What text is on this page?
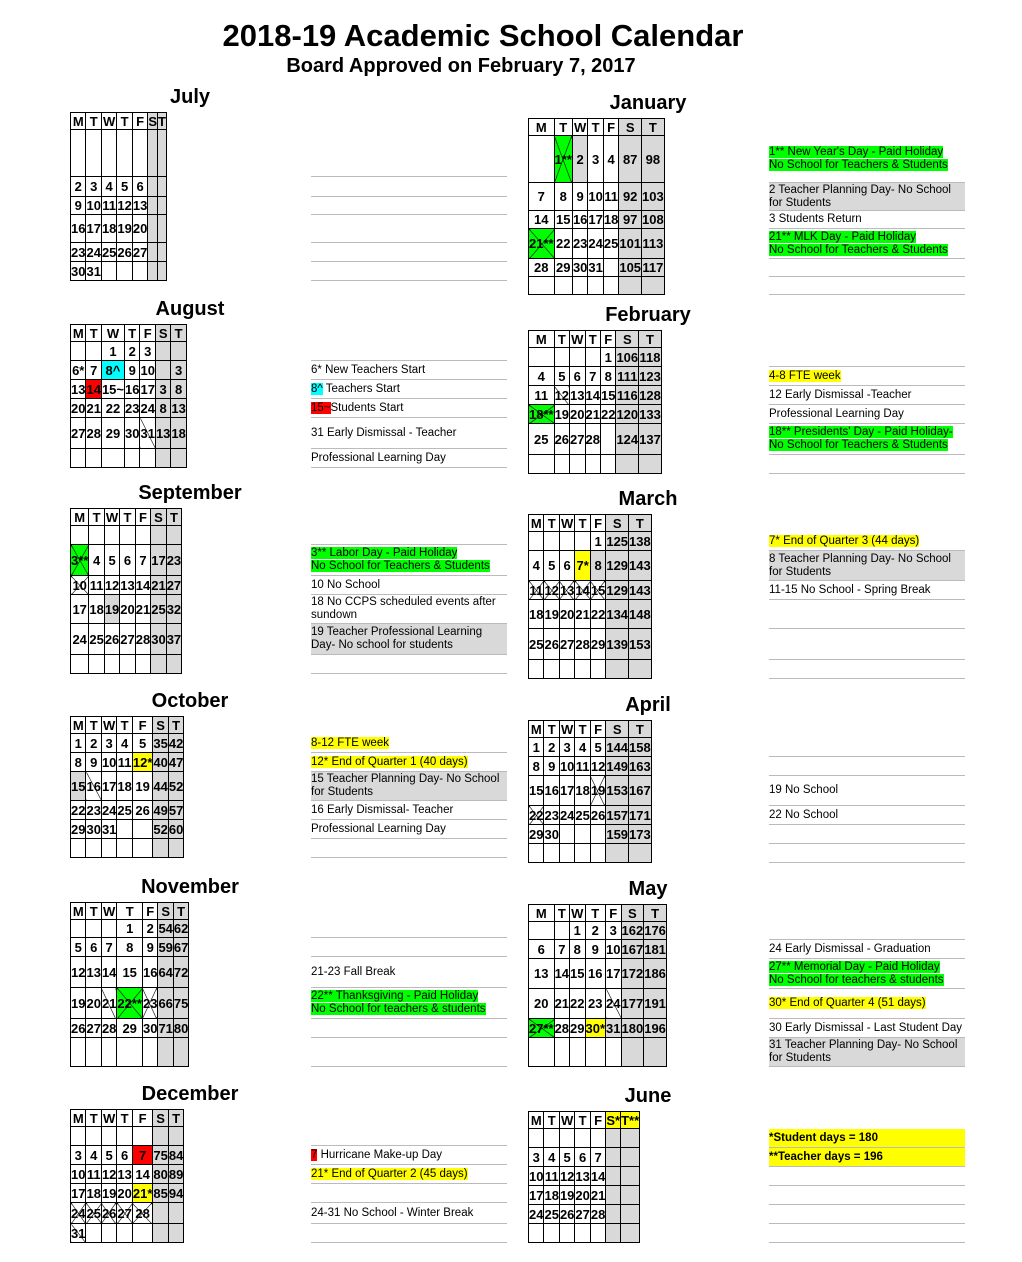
2018-19 Academic School Calendar
Board Approved on February 7, 2017
July
M	T	W	T	F	S	T

2	3	4	5	6		
9	10	11	12	13		
16	17	18	19	20		
23	24	25	26	27		
30	31					
August
M	T	W	T	F	S	T
		1	2	3		
6*	7	8^	9	10		3
13	14	15~	16	17	3	8
20	21	22	23	24	8	13
27	28	29	30	31	13	18

6* New Teachers Start
8^ Teachers Start
15~Students Start
31 Early Dismissal - Teacher
Professional Learning Day
September
M	T	W	T	F	S	T

3**	4	5	6	7	17	23
10	11	12	13	14	21	27
17	18	19	20	21	25	32
24	25	26	27	28	30	37

3** Labor Day - Paid Holiday
No School for Teachers & Students
10 No School
18 No CCPS scheduled events after sundown
19 Teacher Professional Learning Day- No school for students
October
M	T	W	T	F	S	T
1	2	3	4	5	35	42
8	9	10	11	12*	40	47
15	16	17	18	19	44	52
22	23	24	25	26	49	57
29	30	31			52	60

8-12 FTE week
12* End of Quarter 1 (40 days)
15 Teacher Planning Day- No School for Students
16 Early Dismissal- Teacher
Professional Learning Day
November
M	T	W	T	F	S	T
			1	2	54	62
5	6	7	8	9	59	67
12	13	14	15	16	64	72
19	20	21	22**	23	66	75
26	27	28	29	30	71	80

21-23 Fall Break
22** Thanksgiving - Paid Holiday
No School for teachers & students
December
M	T	W	T	F	S	T

3	4	5	6	7	75	84
10	11	12	13	14	80	89
17	18	19	20	21*	85	94
24	25	26	27	28		
31						
7 Hurricane Make-up Day
21* End of Quarter 2 (45 days)
24-31 No School - Winter Break
January
M	T	W	T	F	S	T
	1**	2	3	4	87	98
7	8	9	10	11	92	103
14	15	16	17	18	97	108
21**	22	23	24	25	101	113
28	29	30	31		105	117

1** New Year's Day - Paid Holiday
No School for Teachers & Students
2 Teacher Planning Day- No School for Students
3 Students Return
21** MLK Day - Paid Holiday
No School for Teachers & Students
February
M	T	W	T	F	S	T
				1	106	118
4	5	6	7	8	111	123
11	12	13	14	15	116	128
18**	19	20	21	22	120	133
25	26	27	28		124	137

4-8 FTE week
12 Early Dismissal -Teacher
Professional Learning Day
18** Presidents' Day - Paid Holiday-No School for Teachers & Students
March
M	T	W	T	F	S	T
				1	125	138
4	5	6	7*	8	129	143
11	12	13	14	15	129	143
18	19	20	21	22	134	148
25	26	27	28	29	139	153

7* End of Quarter 3 (44 days)
8 Teacher Planning Day- No School for Students
11-15 No School - Spring Break
April
M	T	W	T	F	S	T
1	2	3	4	5	144	158
8	9	10	11	12	149	163
15	16	17	18	19	153	167
22	23	24	25	26	157	171
29	30				159	173

19 No School
22 No School
May
M	T	W	T	F	S	T
		1	2	3	162	176
6	7	8	9	10	167	181
13	14	15	16	17	172	186
20	21	22	23	24	177	191
27**	28	29	30*	31	180	196

24 Early Dismissal - Graduation
27** Memorial Day - Paid Holiday
No School for teachers & students
30* End of Quarter 4 (51 days)
30 Early Dismissal - Last Student Day
31 Teacher Planning Day- No School for Students
June
M	T	W	T	F	S*	T**

3	4	5	6	7		
10	11	12	13	14		
17	18	19	20	21		
24	25	26	27	28		

*Student days = 180
**Teacher days = 196
